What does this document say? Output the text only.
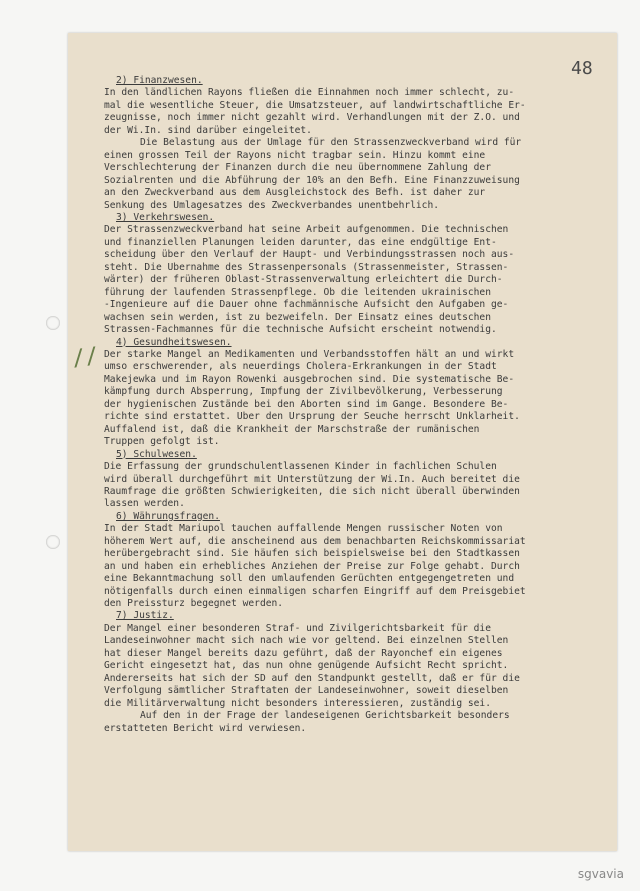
48
//
2) Finanzwesen.
In den ländlichen Rayons fließen die Einnahmen noch immer schlecht, zu-
mal die wesentliche Steuer, die Umsatzsteuer, auf landwirtschaftliche Er-
zeugnisse, noch immer nicht gezahlt wird. Verhandlungen mit der Z.O. und
der Wi.In. sind darüber eingeleitet.
Die Belastung aus der Umlage für den Strassenzweckverband wird für
einen grossen Teil der Rayons nicht tragbar sein. Hinzu kommt eine
Verschlechterung der Finanzen durch die neu übernommene Zahlung der
Sozialrenten und die Abführung der 10% an den Befh. Eine Finanzzuweisung
an den Zweckverband aus dem Ausgleichstock des Befh. ist daher zur
Senkung des Umlagesatzes des Zweckverbandes unentbehrlich.
3) Verkehrswesen.
Der Strassenzweckverband hat seine Arbeit aufgenommen. Die technischen
und finanziellen Planungen leiden darunter, das eine endgültige Ent-
scheidung über den Verlauf der Haupt- und Verbindungsstrassen noch aus-
steht. Die Übernahme des Strassenpersonals (Strassenmeister, Strassen-
wärter) der früheren Oblast-Strassenverwaltung erleichtert die Durch-
führung der laufenden Strassenpflege. Ob die leitenden ukrainischen
-Ingenieure auf die Dauer ohne fachmännische Aufsicht den Aufgaben ge-
wachsen sein werden, ist zu bezweifeln. Der Einsatz eines deutschen
Strassen-Fachmannes für die technische Aufsicht erscheint notwendig.
4) Gesundheitswesen.
Der starke Mangel an Medikamenten und Verbandsstoffen hält an und wirkt
umso erschwerender, als neuerdings Cholera-Erkrankungen in der Stadt
Makejewka und im Rayon Rowenki ausgebrochen sind. Die systematische Be-
kämpfung durch Absperrung, Impfung der Zivilbevölkerung, Verbesserung
der hygienischen Zustände bei den Aborten sind im Gange. Besondere Be-
richte sind erstattet. Über den Ursprung der Seuche herrscht Unklarheit.
Auffalend ist, daß die Krankheit der Marschstraße der rumänischen
Truppen gefolgt ist.
5) Schulwesen.
Die Erfassung der grundschulentlassenen Kinder in fachlichen Schulen
wird überall durchgeführt mit Unterstützung der Wi.In. Auch bereitet die
Raumfrage die größten Schwierigkeiten, die sich nicht überall überwinden
lassen werden.
6) Währungsfragen.
In der Stadt Mariupol tauchen auffallende Mengen russischer Noten von
höherem Wert auf, die anscheinend aus dem benachbarten Reichskommissariat
herübergebracht sind. Sie häufen sich beispielsweise bei den Stadtkassen
an und haben ein erhebliches Anziehen der Preise zur Folge gehabt. Durch
eine Bekanntmachung soll den umlaufenden Gerüchten entgegengetreten und
nötigenfalls durch einen einmaligen scharfen Eingriff auf dem Preisgebiet
den Preissturz begegnet werden.
7) Justiz.
Der Mangel einer besonderen Straf- und Zivilgerichtsbarkeit für die
Landeseinwohner macht sich nach wie vor geltend. Bei einzelnen Stellen
hat dieser Mangel bereits dazu geführt, daß der Rayonchef ein eigenes
Gericht eingesetzt hat, das nun ohne genügende Aufsicht Recht spricht.
Andererseits hat sich der SD auf den Standpunkt gestellt, daß er für die
Verfolgung sämtlicher Straftaten der Landeseinwohner, soweit dieselben
die Militärverwaltung nicht besonders interessieren, zuständig sei.
Auf den in der Frage der landeseigenen Gerichtsbarkeit besonders
erstatteten Bericht wird verwiesen.
sgvavia
